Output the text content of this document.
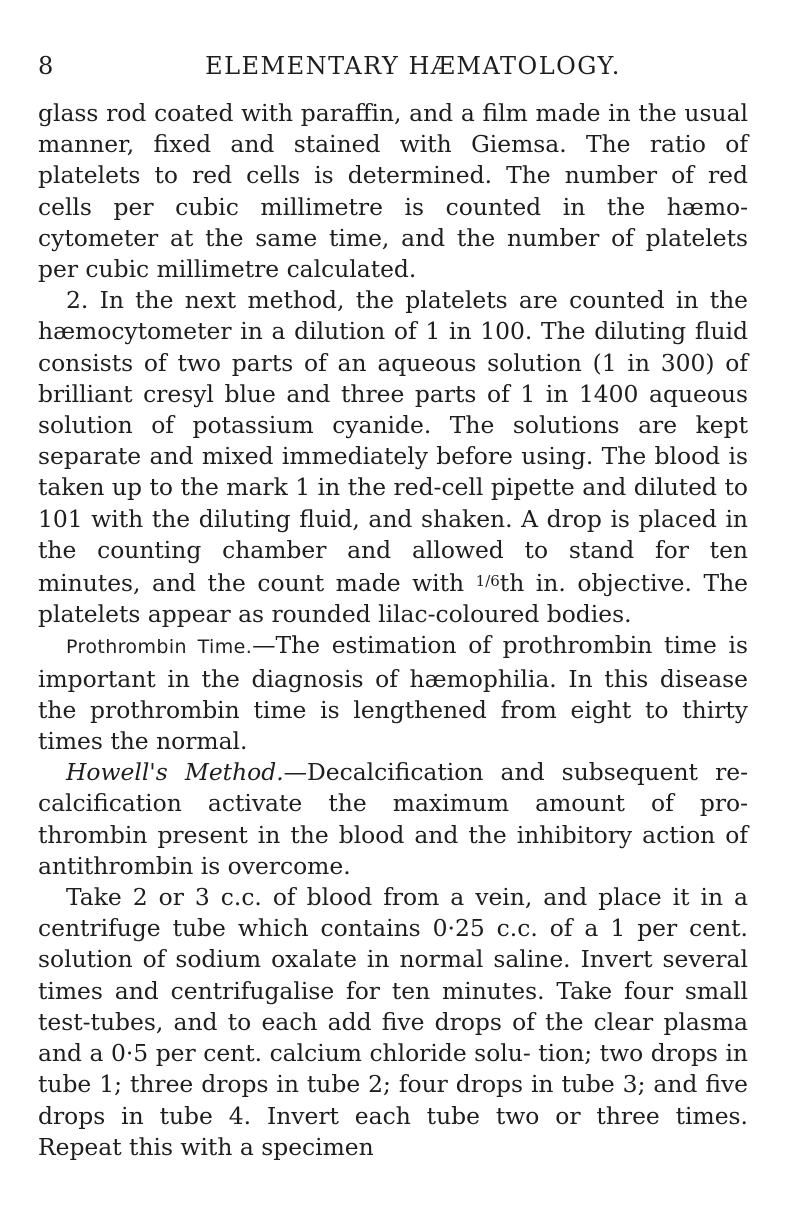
8	ELEMENTARY HÆMATOLOGY.

glass rod coated with paraffin, and a film made in the usual manner, fixed and stained with Giemsa. The ratio of platelets to red cells is determined. The number of red cells per cubic millimetre is counted in the hæmo- cytometer at the same time, and the number of platelets per cubic millimetre calculated.

2. In the next method, the platelets are counted in the hæmocytometer in a dilution of 1 in 100. The diluting fluid consists of two parts of an aqueous solution (1 in 300) of brilliant cresyl blue and three parts of 1 in 1400 aqueous solution of potassium cyanide. The solutions are kept separate and mixed immediately before using. The blood is taken up to the mark 1 in the red-cell pipette and diluted to 101 with the diluting fluid, and shaken. A drop is placed in the counting chamber and allowed to stand for ten minutes, and the count made with $^{1/6}$th in. objective. The platelets appear as rounded lilac-coloured bodies.

Prothrombin Time.—The estimation of prothrombin time is important in the diagnosis of hæmophilia. In this disease the prothrombin time is lengthened from eight to thirty times the normal.

Howell's Method.—Decalcification and subsequent re- calcification activate the maximum amount of pro- thrombin present in the blood and the inhibitory action of antithrombin is overcome.

Take 2 or 3 c.c. of blood from a vein, and place it in a centrifuge tube which contains 0·25 c.c. of a 1 per cent. solution of sodium oxalate in normal saline. Invert several times and centrifugalise for ten minutes. Take four small test-tubes, and to each add five drops of the clear plasma and a 0·5 per cent. calcium chloride solu- tion; two drops in tube 1; three drops in tube 2; four drops in tube 3; and five drops in tube 4. Invert each tube two or three times. Repeat this with a specimen
